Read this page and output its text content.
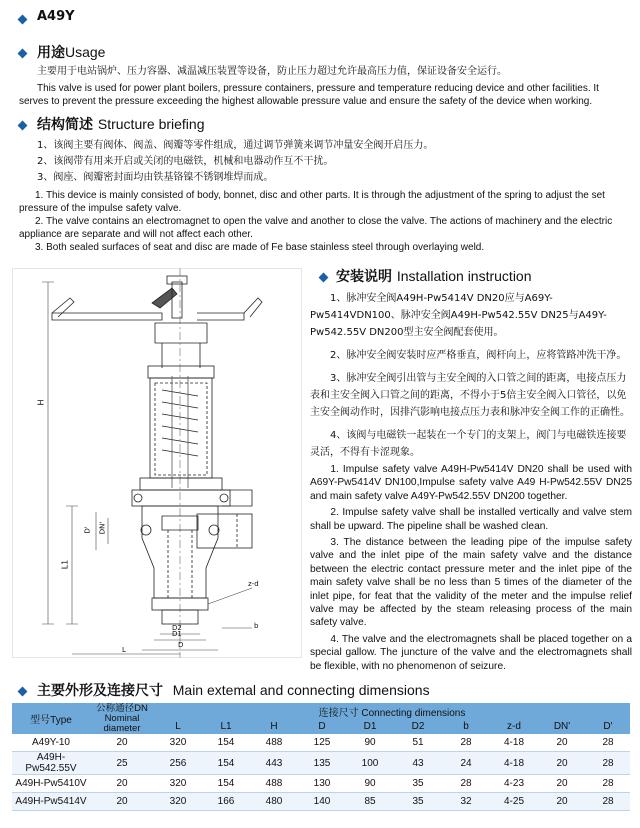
A49Y
用途Usage
主要用于电站锅炉、压力容器、减温减压装置等设备，防止压力超过允许最高压力值，保证设备安全运行。
This valve is used for power plant boilers, pressure containers, pressure and temperature reducing device and other facilities. It serves to prevent the pressure exceeding the highest allowable pressure value and ensure the safety of the device when working.
结构简述 Structure briefing
1、该阀主要有阀体、阀盖、阀瓣等零件组成，通过调节弹簧来调节冲量安全阀开启压力。
2、该阀带有用来开启或关闭的电磁铁，机械和电器动作互不干扰。
3、阀座、阀瓣密封面均由铁基铬镍不锈钢堆焊而成。

1. This device is mainly consisted of body, bonnet, disc and other parts. It is through the adjustment of the spring to adjust the set pressure of the impulse safety valve.

2. The valve contains an electromagnet to open the valve and another to close the valve. The actions of machinery and the electric appliance are separate and will not affect each other.

3. Both sealed surfaces of seat and disc are made of Fe base stainless steel through overlaying weld.

H
L1
D' DN'
D2
D1
D
L
z-d
b
安装说明 Installation instruction

1、脉冲安全阀A49H-Pw5414V DN20应与A69Y-Pw5414VDN100、脉冲安全阀A49H-Pw542.55V DN25与A49Y-Pw542.55V DN200型主安全阀配套使用。

2、脉冲安全阀安装时应严格垂直，阀杆向上，应将管路冲洗干净。

3、脉冲安全阀引出管与主安全阀的入口管之间的距离，电接点压力表和主安全阀入口管之间的距离，不得小于5倍主安全阀入口管径，以免主安全阀动作时，因排汽影响电接点压力表和脉冲安全阀工作的正确性。

4、该阀与电磁铁一起装在一个专门的支架上，阀门与电磁铁连接要灵活，不得有卡涩现象。

1. Impulse safety valve A49H-Pw5414V DN20 shall be used with A69Y-Pw5414V DN100,Impulse safety valve A49 H-Pw542.55V DN25 and main safety valve A49Y-Pw542.55V DN200 together.

2. Impulse safety valve shall be installed vertically and valve stem shall be upward. The pipeline shall be washed clean.

3. The distance between the leading pipe of the impulse safety valve and the inlet pipe of the main safety valve and the distance between the electric contact pressure meter and the inlet pipe of the main safety valve shall be no less than 5 times of the diameter of the inlet pipe, for feat that the validity of the meter and the impulse relief valve may be affected by the steam releasing process of the main safety valve.

4. The valve and the electromagnets shall be placed together on a special gallow. The juncture of the valve and the electromagnets shall be flexible, with no phenomenon of seizure.

主要外形及连接尺寸 Main extemal and connecting dimensions
型号Type	公称通径DN
Nominal diameter	连接尺寸 Connecting dimensions									
		L	L1	H	D	D1	D2	b	z-d	DN'	D'
A49Y-10	20	320	154	488	125	90	51	28	4-18	20	28
A49H-Pw542.55V	25	256	154	443	135	100	43	24	4-18	20	28
A49H-Pw5410V	20	320	154	488	130	90	35	28	4-23	20	28
A49H-Pw5414V	20	320	166	480	140	85	35	32	4-25	20	28
